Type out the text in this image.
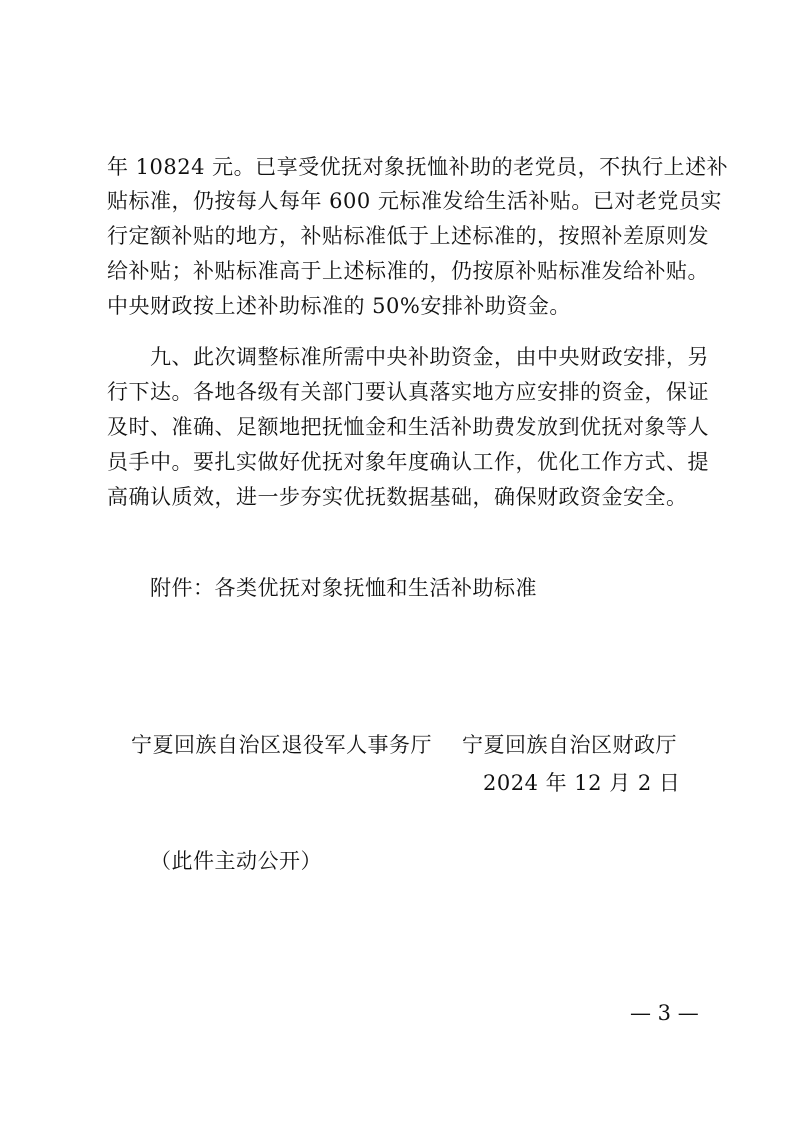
年 10824 元。已享受优抚对象抚恤补助的老党员，不执行上述补
贴标准，仍按每人每年 600 元标准发给生活补贴。已对老党员实
行定额补贴的地方，补贴标准低于上述标准的，按照补差原则发
给补贴；补贴标准高于上述标准的，仍按原补贴标准发给补贴。
中央财政按上述补助标准的 50%安排补助资金。
九、此次调整标准所需中央补助资金，由中央财政安排，另
行下达。各地各级有关部门要认真落实地方应安排的资金，保证
及时、准确、足额地把抚恤金和生活补助费发放到优抚对象等人
员手中。要扎实做好优抚对象年度确认工作，优化工作方式、提
高确认质效，进一步夯实优抚数据基础，确保财政资金安全。
附件：各类优抚对象抚恤和生活补助标准
宁夏回族自治区退役军人事务厅 宁夏回族自治区财政厅
2024 年 12 月 2 日
（此件主动公开）
— 3 —
